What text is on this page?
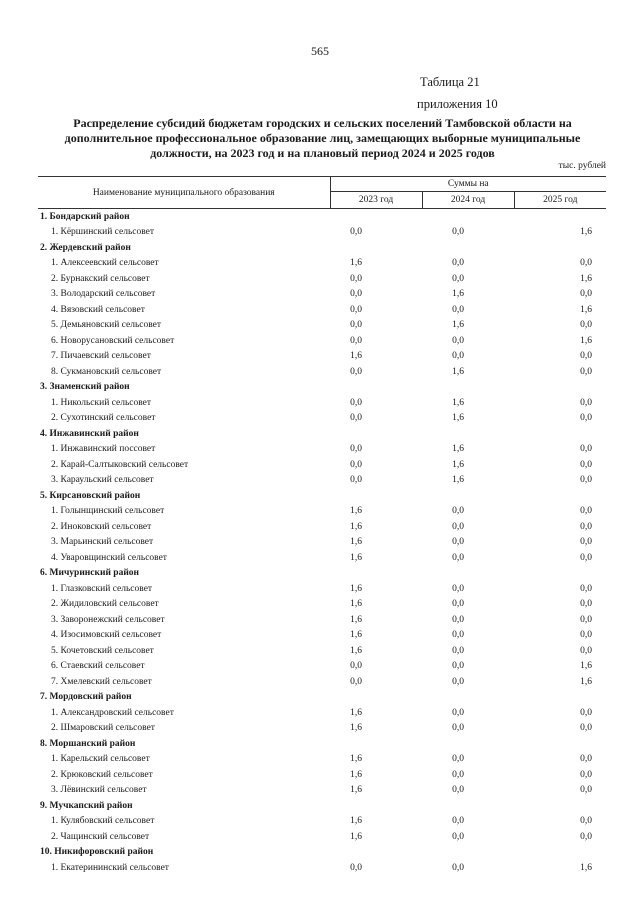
565
Таблица 21
приложения 10
Распределение субсидий бюджетам городских и сельских поселений Тамбовской области на дополнительное профессиональное образование лиц, замещающих выборные муниципальные должности, на 2023 год и на плановый период 2024 и 2025 годов
тыс. рублей
Наименование муниципального образования	Суммы на		
	2023 год	2024 год	2025 год
1. Бондарский район			
1. Кёршинский сельсовет	0,0	0,0	1,6
2. Жердевский район			
1. Алексеевский сельсовет	1,6	0,0	0,0
2. Бурнакский сельсовет	0,0	0,0	1,6
3. Володарский сельсовет	0,0	1,6	0,0
4. Вязовский сельсовет	0,0	0,0	1,6
5. Демьяновский сельсовет	0,0	1,6	0,0
6. Новорусановский сельсовет	0,0	0,0	1,6
7. Пичаевский сельсовет	1,6	0,0	0,0
8. Сукмановский сельсовет	0,0	1,6	0,0
3. Знаменский район			
1. Никольский сельсовет	0,0	1,6	0,0
2. Сухотинский сельсовет	0,0	1,6	0,0
4. Инжавинский район			
1. Инжавинский поссовет	0,0	1,6	0,0
2. Карай-Салтыковский сельсовет	0,0	1,6	0,0
3. Караульский сельсовет	0,0	1,6	0,0
5. Кирсановский район			
1. Голынщинский сельсовет	1,6	0,0	0,0
2. Иноковский сельсовет	1,6	0,0	0,0
3. Марьинский сельсовет	1,6	0,0	0,0
4. Уваровщинский сельсовет	1,6	0,0	0,0
6. Мичуринский район			
1. Глазковский сельсовет	1,6	0,0	0,0
2. Жидиловский сельсовет	1,6	0,0	0,0
3. Заворонежский сельсовет	1,6	0,0	0,0
4. Изосимовский сельсовет	1,6	0,0	0,0
5. Кочетовский сельсовет	1,6	0,0	0,0
6. Стаевский сельсовет	0,0	0,0	1,6
7. Хмелевский сельсовет	0,0	0,0	1,6
7. Мордовский район			
1. Александровский сельсовет	1,6	0,0	0,0
2. Шмаровский сельсовет	1,6	0,0	0,0
8. Моршанский район			
1. Карельский сельсовет	1,6	0,0	0,0
2. Крюковский сельсовет	1,6	0,0	0,0
3. Лёвинский сельсовет	1,6	0,0	0,0
9. Мучкапский район			
1. Кулябовский сельсовет	1,6	0,0	0,0
2. Чащинский сельсовет	1,6	0,0	0,0
10. Никифоровский район			
1. Екатерининский сельсовет	0,0	0,0	1,6
